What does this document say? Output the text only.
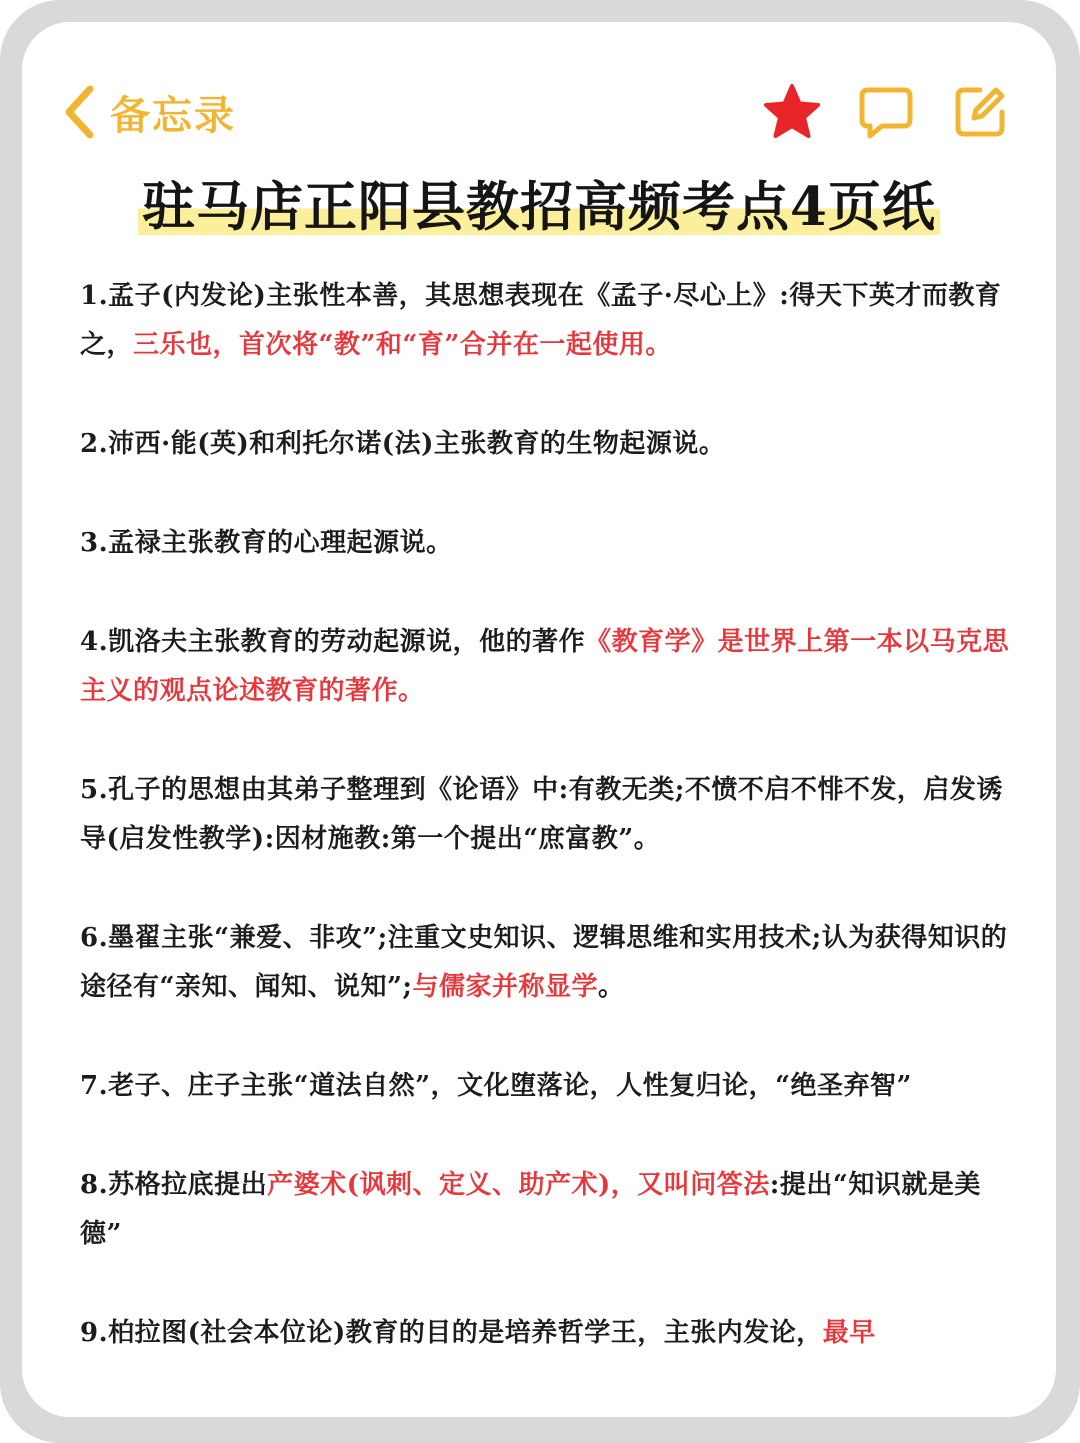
备忘录
驻马店正阳县教招高频考点4页纸
1.孟子(内发论)主张性本善，其思想表现在《孟子·尽心上》:得天下英才而教育之，三乐也，首次将“教”和“育”合并在一起使用。
2.沛西·能(英)和利托尔诺(法)主张教育的生物起源说。
3.孟禄主张教育的心理起源说。
4.凯洛夫主张教育的劳动起源说，他的著作《教育学》是世界上第一本以马克思主义的观点论述教育的著作。
5.孔子的思想由其弟子整理到《论语》中:有教无类;不愤不启不悱不发，启发诱导(启发性教学):因材施教:第一个提出“庶富教”。
6.墨翟主张“兼爱、非攻”;注重文史知识、逻辑思维和实用技术;认为获得知识的途径有“亲知、闻知、说知”;与儒家并称显学。
7.老子、庄子主张“道法自然”，文化堕落论，人性复归论，“绝圣弃智”
8.苏格拉底提出产婆术(讽刺、定义、助产术)，又叫问答法:提出“知识就是美德”
9.柏拉图(社会本位论)教育的目的是培养哲学王，主张内发论，最早
